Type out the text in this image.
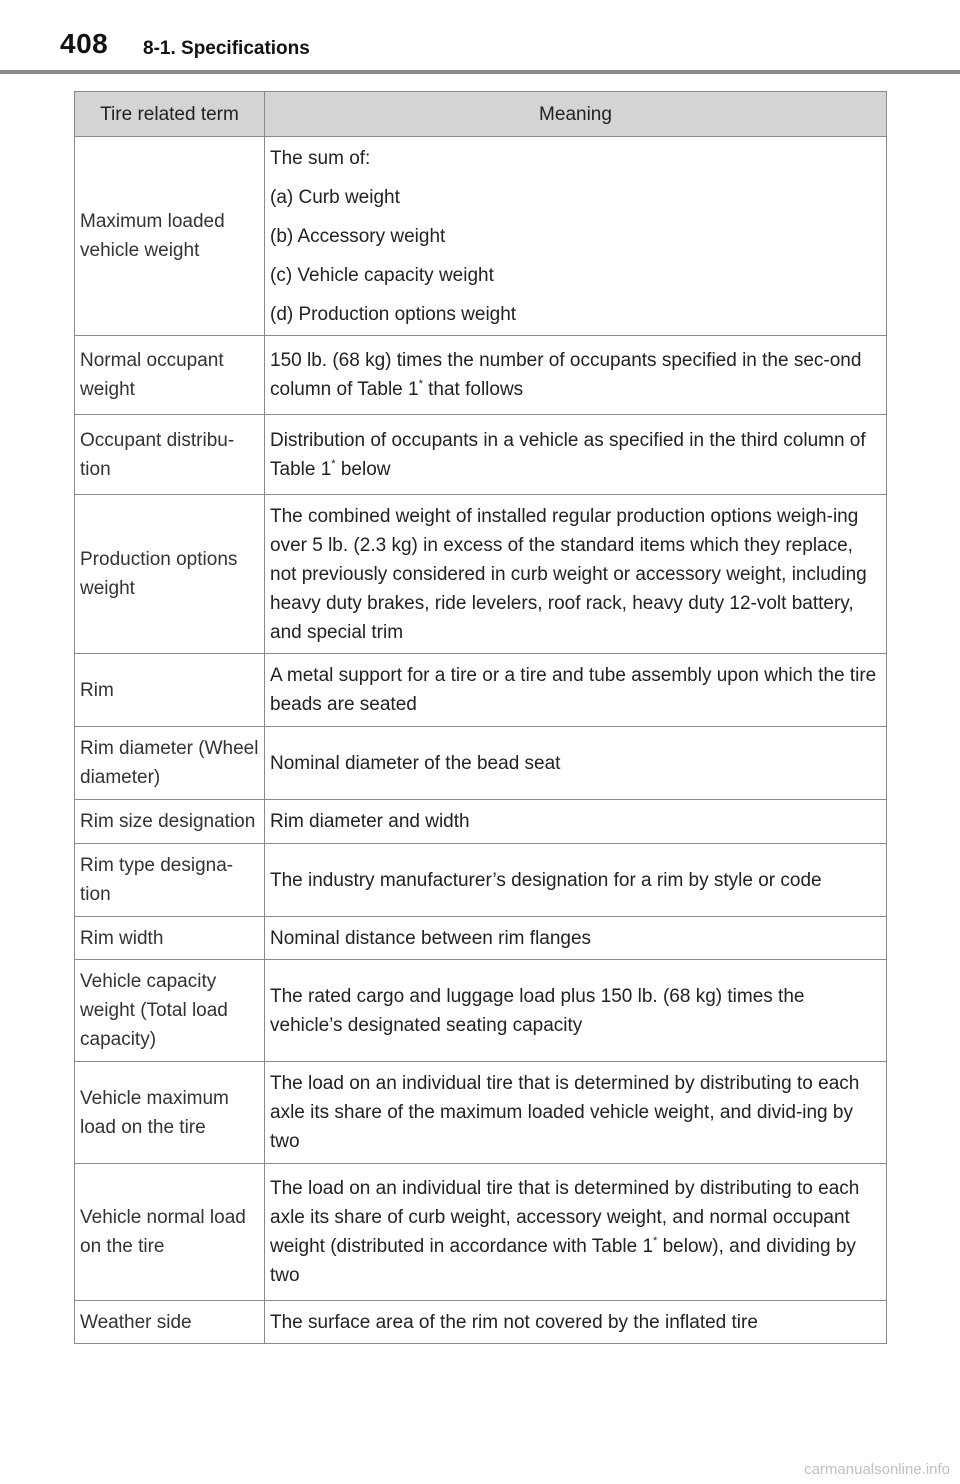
408 8-1. Specifications
Tire related term	Meaning
Maximum loaded vehicle weight	The sum of:

(a) Curb weight

(b) Accessory weight

(c) Vehicle capacity weight

(d) Production options weight

Normal occupant weight	150 lb. (68 kg) times the number of occupants specified in the sec-ond column of Table 1* that follows
Occupant distribu-tion	Distribution of occupants in a vehicle as specified in the third column of Table 1* below
Production options weight	The combined weight of installed regular production options weigh-ing over 5 lb. (2.3 kg) in excess of the standard items which they replace, not previously considered in curb weight or accessory weight, including heavy duty brakes, ride levelers, roof rack, heavy duty 12-volt battery, and special trim
Rim	A metal support for a tire or a tire and tube assembly upon which the tire beads are seated
Rim diameter (Wheel diameter)	Nominal diameter of the bead seat
Rim size designation	Rim diameter and width
Rim type designa-tion	The industry manufacturer’s designation for a rim by style or code
Rim width	Nominal distance between rim flanges
Vehicle capacity weight (Total load capacity)	The rated cargo and luggage load plus 150 lb. (68 kg) times the vehicle’s designated seating capacity
Vehicle maximum load on the tire	The load on an individual tire that is determined by distributing to each axle its share of the maximum loaded vehicle weight, and divid-ing by two
Vehicle normal load on the tire	The load on an individual tire that is determined by distributing to each axle its share of curb weight, accessory weight, and normal occupant weight (distributed in accordance with Table 1* below), and dividing by two
Weather side	The surface area of the rim not covered by the inflated tire
carmanualsonline.info
